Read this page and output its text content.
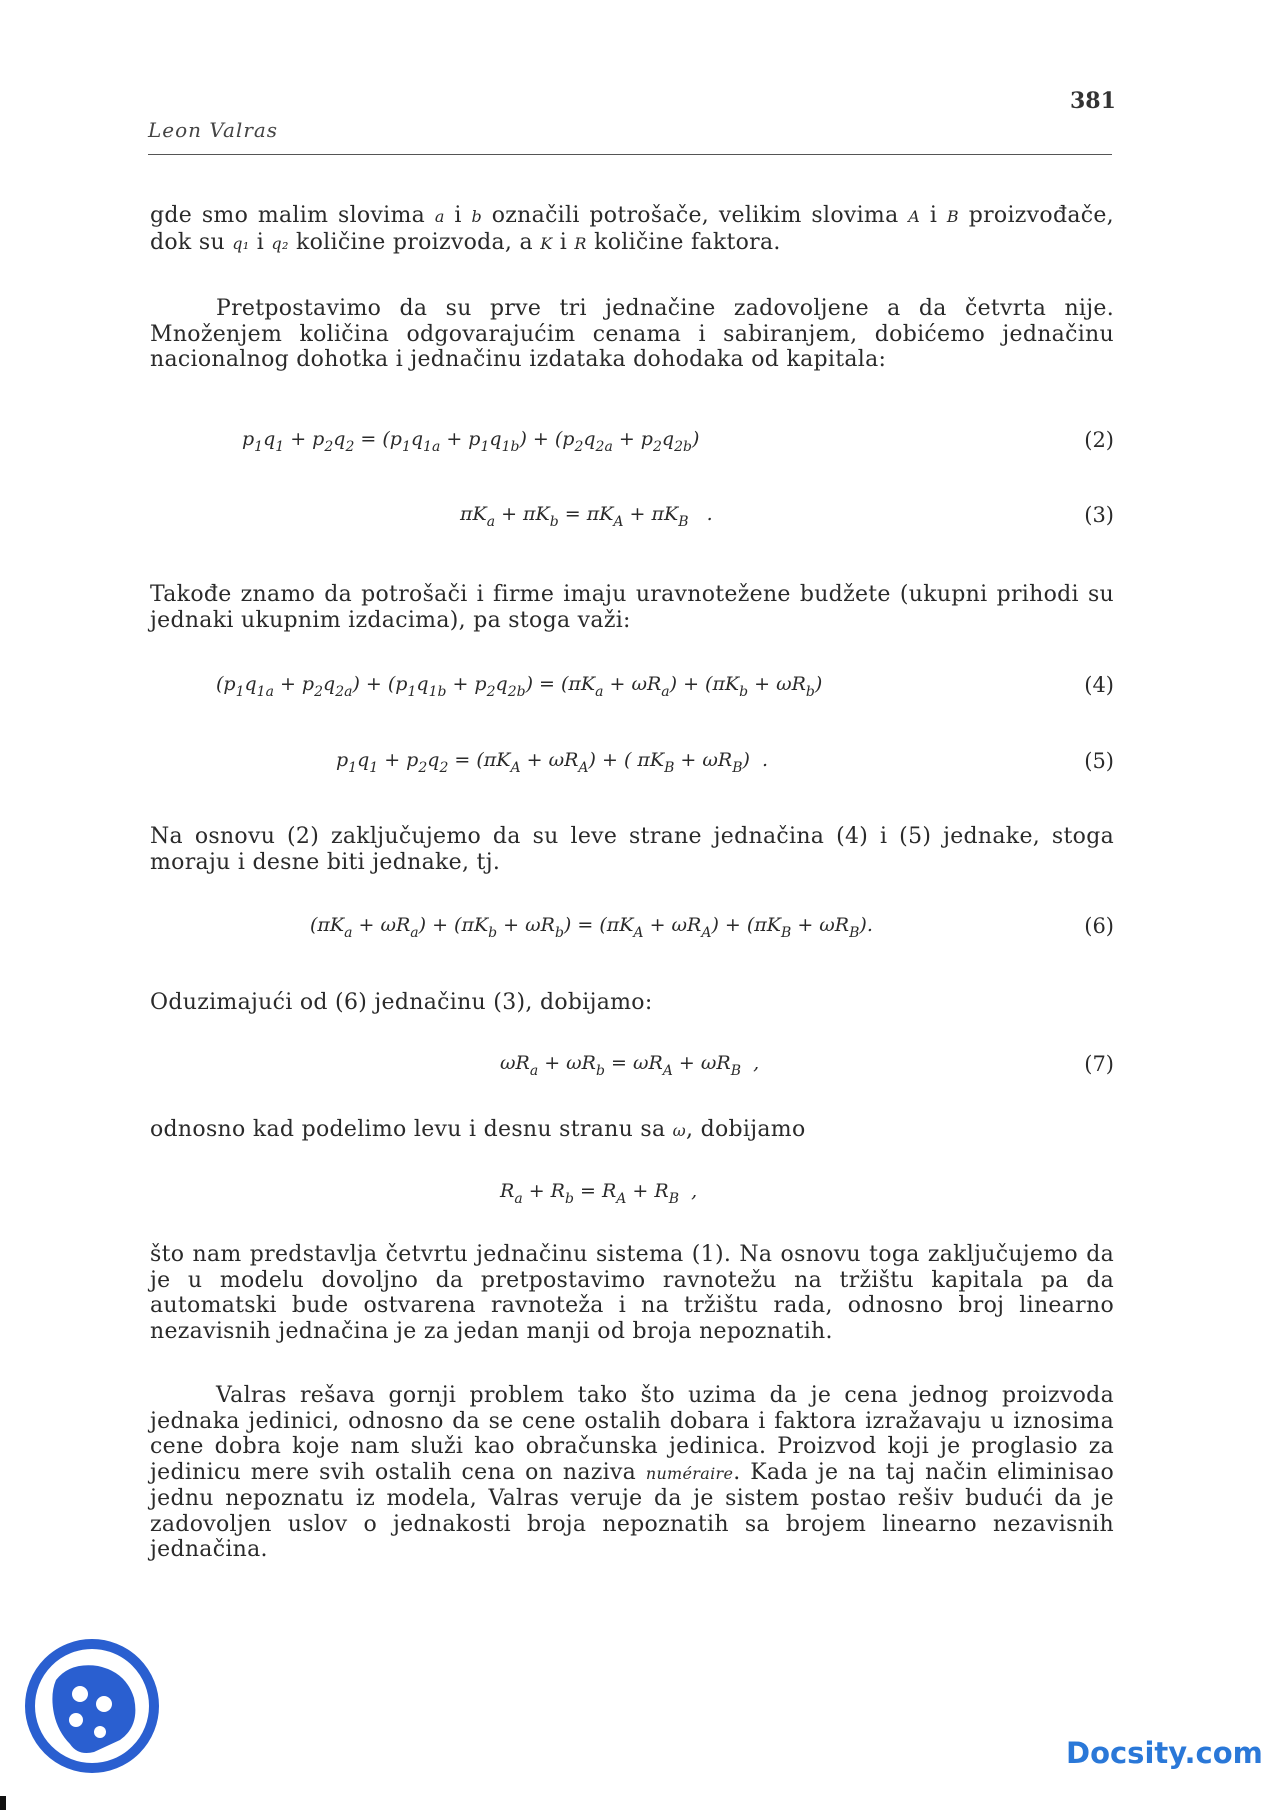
Leon Valras
381

gde smo malim slovima a i b označili potrošače, velikim slovima A i B proizvođače, dok su q₁ i q₂ količine proizvoda, a K i R količine faktora.

Pretpostavimo da su prve tri jednačine zadovoljene a da četvrta nije. Množenjem količina odgovarajućim cenama i sabiranjem, dobićemo jednačinu nacionalnog dohotka i jednačinu izdataka dohodaka od kapitala:

$p_1q_1 + p_2q_2 = (p_1q_{1a} + p_1q_{1b}) + (p_2q_{2a} + p_2q_{2b})$	(2)
$\pi K_a + \pi K_b = \pi K_A + \pi K_B$   .	(3)

Takođe znamo da potrošači i firme imaju uravnotežene budžete (ukupni prihodi su jednaki ukupnim izdacima), pa stoga važi:

$(p_1q_{1a} + p_2q_{2a}) + (p_1q_{1b} + p_2q_{2b}) = (\pi K_a + \omega R_a) + (\pi K_b + \omega R_b)$	(4)
$p_1q_1 + p_2q_2 = (\pi K_A + \omega R_A)$ + ( $\pi K_B + \omega R_B$)  .	(5)

Na osnovu (2) zaključujemo da su leve strane jednačina (4) i (5) jednake, stoga moraju i desne biti jednake, tj.

$(\pi K_a + \omega R_a) + (\pi K_b + \omega R_b) = (\pi K_A + \omega R_A) + (\pi K_B + \omega R_B)$.	(6)

Oduzimajući od (6) jednačinu (3), dobijamo:

$\omega R_a + \omega R_b = \omega R_A + \omega R_B$  ,	(7)

odnosno kad podelimo levu i desnu stranu sa ω, dobijamo

$R_a + R_b = R_A + R_B$  ,

što nam predstavlja četvrtu jednačinu sistema (1). Na osnovu toga zaključujemo da je u modelu dovoljno da pretpostavimo ravnotežu na tržištu kapitala pa da automatski bude ostvarena ravnoteža i na tržištu rada, odnosno broj linearno nezavisnih jednačina je za jedan manji od broja nepoznatih.

Valras rešava gornji problem tako što uzima da je cena jednog proizvoda jednaka jedinici, odnosno da se cene ostalih dobara i faktora izražavaju u iznosima cene dobra koje nam služi kao obračunska jedinica. Proizvod koji je proglasio za jedinicu mere svih ostalih cena on naziva numéraire. Kada je na taj način eliminisao jednu nepoznatu iz modela, Valras veruje da je sistem postao rešiv budući da je zadovoljen uslov o jednakosti broja nepoznatih sa brojem linearno nezavisnih jednačina.

Docsity.com
